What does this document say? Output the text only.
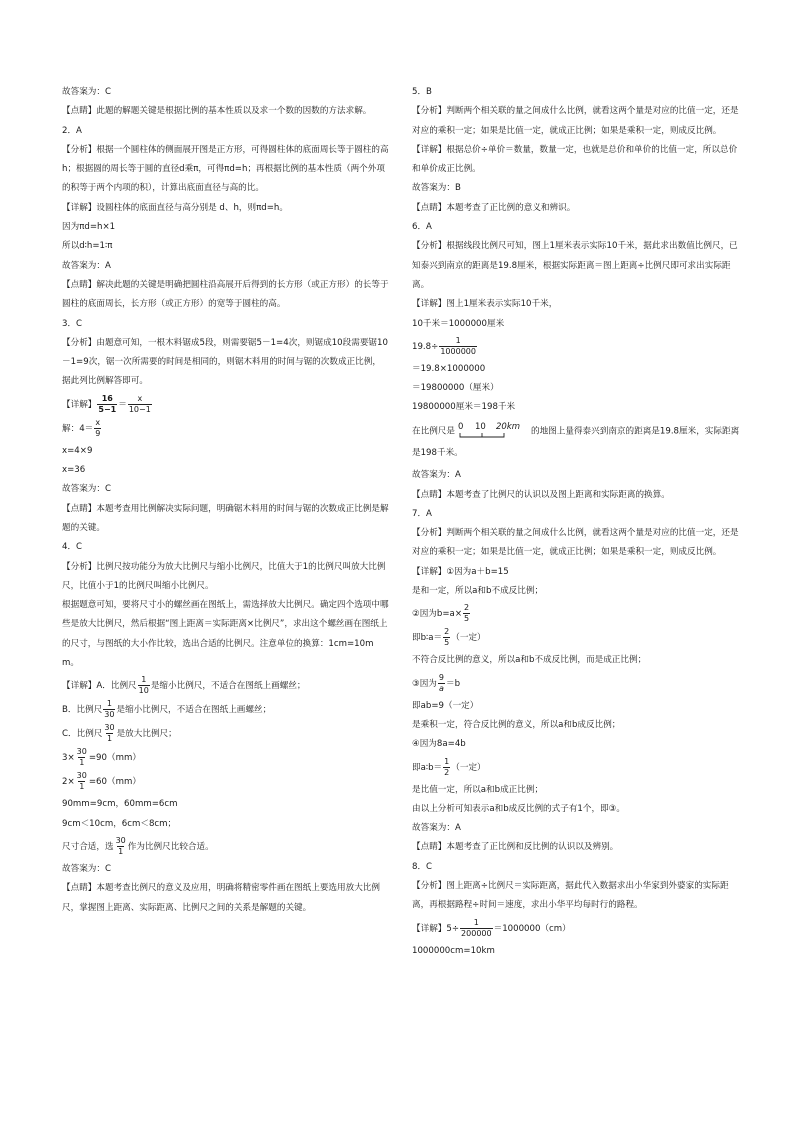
故答案为：C
【点睛】此题的解题关键是根据比例的基本性质以及求一个数的因数的方法求解。
2．A
【分析】根据一个圆柱体的侧面展开图是正方形，可得圆柱体的底面周长等于圆柱的高h；根据圆的周长等于圆的直径d乘π，可得πd=h；再根据比例的基本性质（两个外项的积等于两个内项的积），计算出底面直径与高的比。
【详解】设圆柱体的底面直径与高分别是 d、h，则πd=h。
因为πd=h×1
所以d∶h=1∶π
故答案为：A
【点睛】解决此题的关键是明确把圆柱沿高展开后得到的长方形（或正方形）的长等于圆柱的底面周长，长方形（或正方形）的宽等于圆柱的高。
3．C
【分析】由题意可知，一根木料锯成5段，则需要锯5－1=4次，则锯成10段需要锯10－1=9次，锯一次所需要的时间是相同的，则锯木料用的时间与锯的次数成正比例，据此列比例解答即可。
【详解】 $\frac{16}{5-1} = \frac{x}{10-1}$
解：$4= \frac{x}{9}$
x=4×9
x=36
故答案为：C
【点睛】本题考查用比例解决实际问题，明确锯木料用的时间与锯的次数成正比例是解题的关键。
4．C
【分析】比例尺按功能分为放大比例尺与缩小比例尺，比值大于1的比例尺叫放大比例尺，比值小于1的比例尺叫缩小比例尺。
根据题意可知，要将尺寸小的螺丝画在图纸上，需选择放大比例尺。确定四个选项中哪些是放大比例尺，然后根据“图上距离＝实际距离×比例尺”，求出这个螺丝画在图纸上的尺寸，与图纸的大小作比较，选出合适的比例尺。注意单位的换算：1cm=10mm。
【详解】A．比例尺 $\frac{1}{10}$ 是缩小比例尺，不适合在图纸上画螺丝；
B．比例尺 $\frac{1}{30}$ 是缩小比例尺，不适合在图纸上画螺丝；
C．比例尺 $\frac{30}{1}$ 是放大比例尺；
$3\times \frac{30}{1} =90(mm)$
$2\times \frac{30}{1} =60(mm)$
90mm=9cm，60mm=6cm
9cm＜10cm，6cm＜8cm；
尺寸合适，选 $\frac{30}{1}$ 作为比例尺比较合适。
故答案为：C
【点睛】本题考查比例尺的意义及应用，明确将精密零件画在图纸上要选用放大比例尺，掌握图上距离、实际距离、比例尺之间的关系是解题的关键。
5．B
【分析】判断两个相关联的量之间成什么比例，就看这两个量是对应的比值一定，还是对应的乘积一定；如果是比值一定，就成正比例；如果是乘积一定，则成反比例。
【详解】根据总价÷单价＝数量，数量一定，也就是总价和单价的比值一定，所以总价和单价成正比例。
故答案为：B
【点睛】本题考查了正比例的意义和辨识。
6．A
【分析】根据线段比例尺可知，图上1厘米表示实际10千米，据此求出数值比例尺，已知泰兴到南京的距离是19.8厘米，根据实际距离＝图上距离÷比例尺即可求出实际距离。
【详解】图上1厘米表示实际10千米，
10千米＝1000000厘米
$19.8\div \frac{1}{1000000}$
＝19.8×1000000
＝19800000（厘米）
19800000厘米＝198千米
在比例尺是 0 10 20km 的地图上量得泰兴到南京的距离是19.8厘米，实际距离是198千米。
故答案为：A
【点睛】本题考查了比例尺的认识以及图上距离和实际距离的换算。
7．A
【分析】判断两个相关联的量之间成什么比例，就看这两个量是对应的比值一定，还是对应的乘积一定；如果是比值一定，就成正比例；如果是乘积一定，则成反比例。
【详解】①因为a＋b=15
是和一定，所以a和b不成反比例；
②因为$b=a\times \frac{2}{5}$
即b∶a＝ $\frac{2}{5}$ （一定）
不符合反比例的意义，所以a和b不成反比例，而是成正比例；
③因为 $\frac{9}{a} =b$
即ab=9（一定）
是乘积一定，符合反比例的意义，所以a和b成反比例；
④因为8a=4b
即a∶b＝ $\frac{1}{2}$ （一定）
是比值一定，所以a和b成正比例；
由以上分析可知表示a和b成反比例的式子有1个，即③。
故答案为：A
【点睛】本题考查了正比例和反比例的认识以及辨别。
8．C
【分析】图上距离÷比例尺＝实际距离，据此代入数据求出小华家到外婆家的实际距离，再根据路程÷时间＝速度，求出小华平均每时行的路程。
【详解】$5\div \frac{1}{200000} =1000000(cm)$
1000000cm=10km
